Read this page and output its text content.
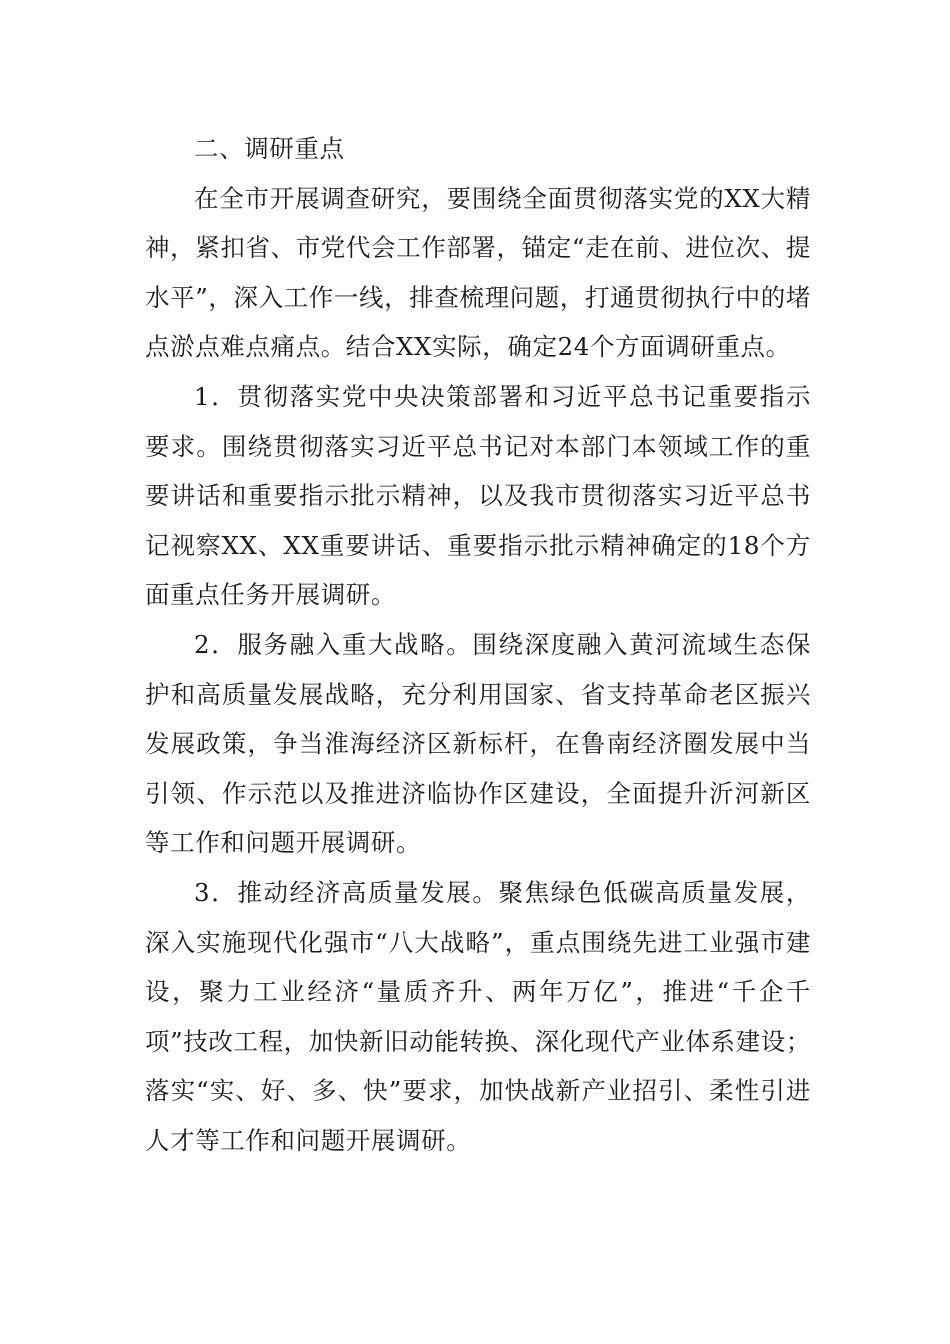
二、调研重点

在全市开展调查研究，要围绕全面贯彻落实党的XX大精神，紧扣省、市党代会工作部署，锚定“走在前、进位次、提水平”，深入工作一线，排查梳理问题，打通贯彻执行中的堵点淤点难点痛点。结合XX实际，确定24个方面调研重点。

1．贯彻落实党中央决策部署和习近平总书记重要指示要求。围绕贯彻落实习近平总书记对本部门本领域工作的重要讲话和重要指示批示精神，以及我市贯彻落实习近平总书记视察XX、XX重要讲话、重要指示批示精神确定的18个方面重点任务开展调研。

2．服务融入重大战略。围绕深度融入黄河流域生态保护和高质量发展战略，充分利用国家、省支持革命老区振兴发展政策，争当淮海经济区新标杆，在鲁南经济圈发展中当引领、作示范以及推进济临协作区建设，全面提升沂河新区等工作和问题开展调研。

3．推动经济高质量发展。聚焦绿色低碳高质量发展，深入实施现代化强市“八大战略”，重点围绕先进工业强市建设，聚力工业经济“量质齐升、两年万亿”，推进“千企千项”技改工程，加快新旧动能转换、深化现代产业体系建设；落实“实、好、多、快”要求，加快战新产业招引、柔性引进人才等工作和问题开展调研。
